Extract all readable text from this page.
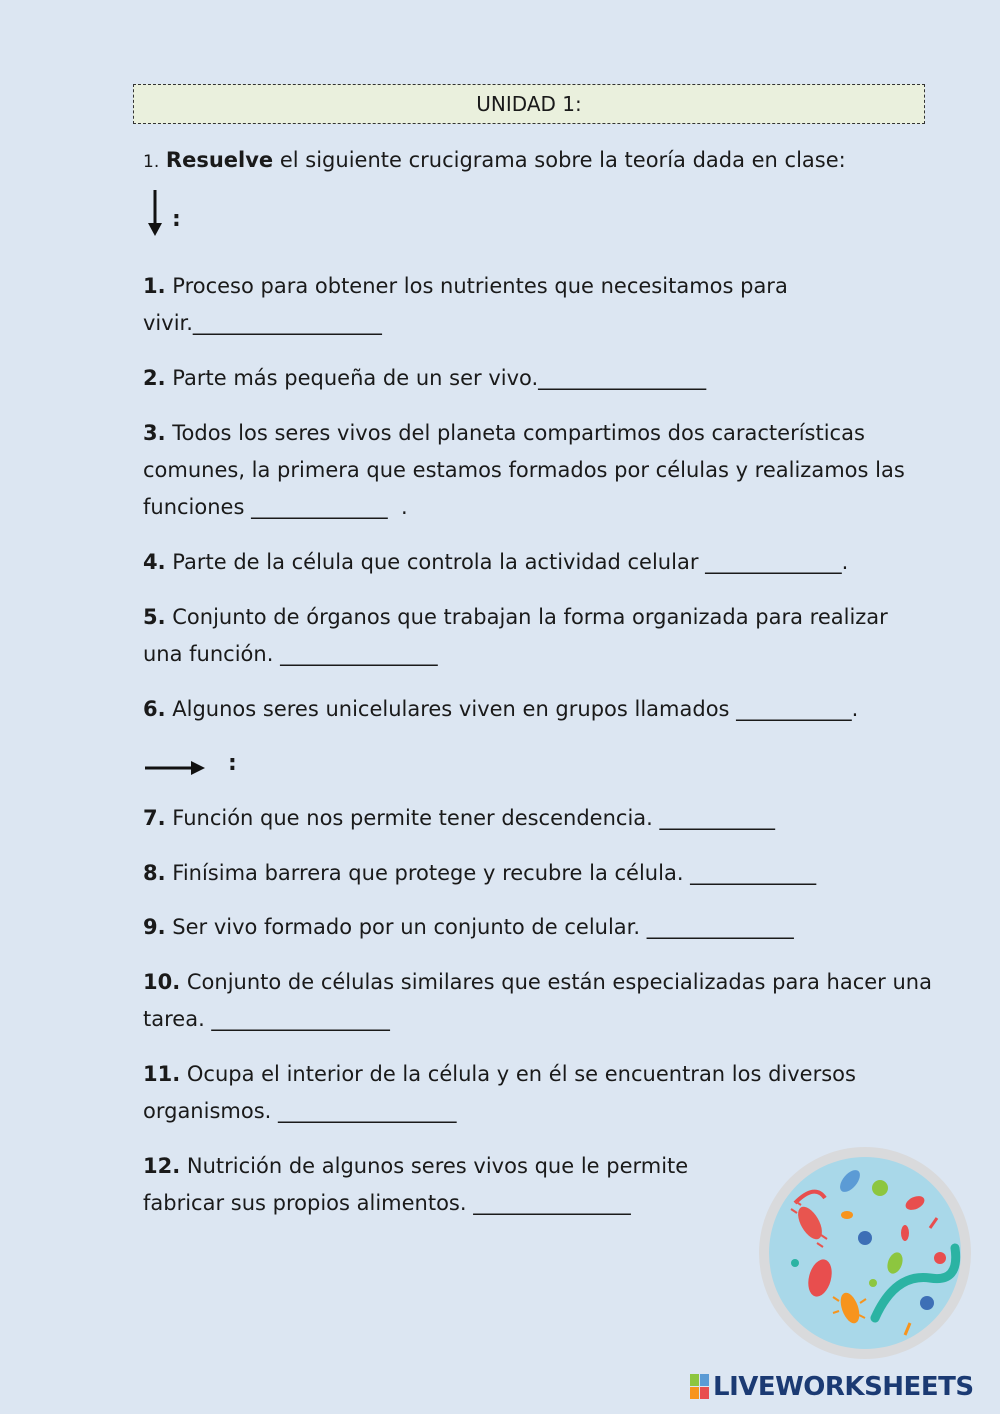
UNIDAD 1:
1. Resuelve el siguiente crucigrama sobre la teoría dada en clase:
:
1. Proceso para obtener los nutrientes que necesitamos para vivir.__________________
2. Parte más pequeña de un ser vivo.________________
3. Todos los seres vivos del planeta compartimos dos características comunes, la primera que estamos formados por células y realizamos las funciones _____________  .
4. Parte de la célula que controla la actividad celular _____________.
5. Conjunto de órganos que trabajan la forma organizada para realizar una función. _______________
6. Algunos seres unicelulares viven en grupos llamados ___________.
:
7. Función que nos permite tener descendencia. ___________
8. Finísima barrera que protege y recubre la célula. ____________
9. Ser vivo formado por un conjunto de celular. ______________
10. Conjunto de células similares que están especializadas para hacer una tarea. _________________
11. Ocupa el interior de la célula y en él se encuentran los diversos organismos. _________________
12. Nutrición de algunos seres vivos que le permite fabricar sus propios alimentos. _______________
LIVEWORKSHEETS
